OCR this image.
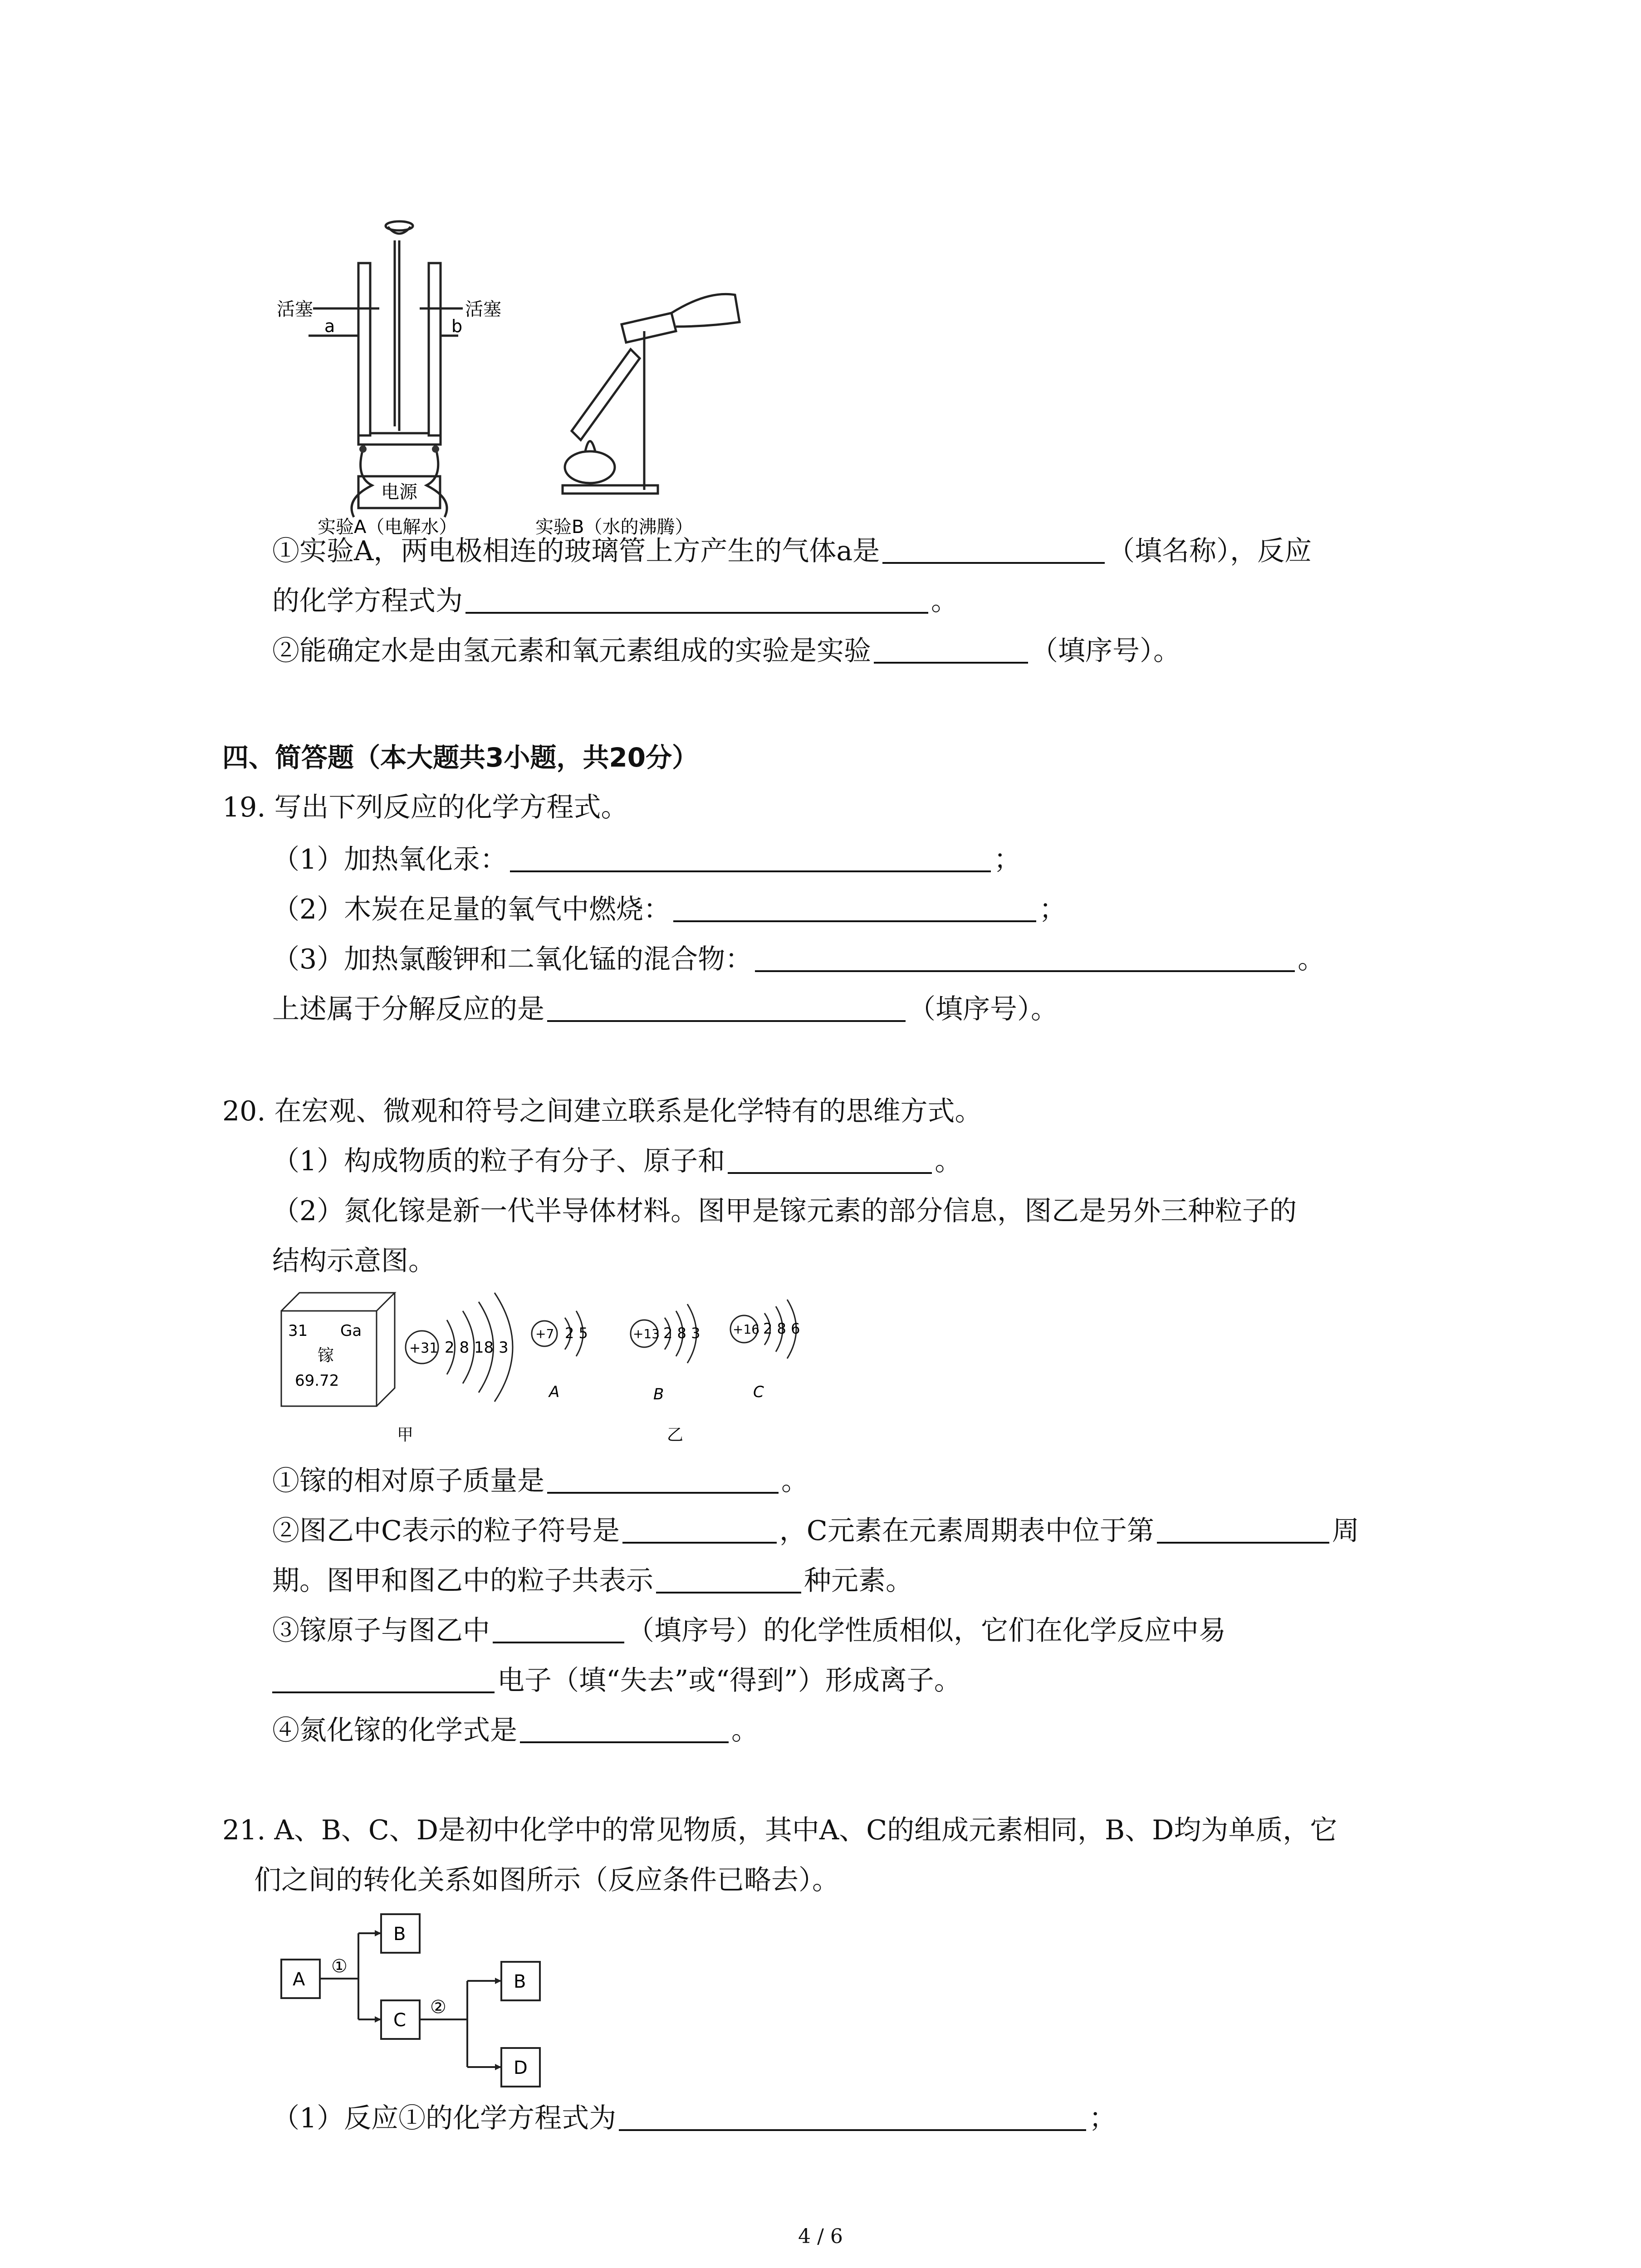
活塞	活塞
a	b
电源
实验A（电解水）	实验B（水的沸腾）
①实验A，两电极相连的玻璃管上方产生的气体a是	（填名称），反应
的化学方程式为	。
②能确定水是由氢元素和氧元素组成的实验是实验	（填序号）。
四、简答题（本大题共3小题，共20分）
19. 写出下列反应的化学方程式。
（1）加热氧化汞：	；
（2）木炭在足量的氧气中燃烧：	；
（3）加热氯酸钾和二氧化锰的混合物：	。
上述属于分解反应的是	（填序号）。
20. 在宏观、微观和符号之间建立联系是化学特有的思维方式。
（1）构成物质的粒子有分子、原子和	。
（2）氮化镓是新一代半导体材料。图甲是镓元素的部分信息，图乙是另外三种粒子的
结构示意图。
31 Ga
镓
69.72
+31 2 8 18 3
+7 2 5	+13 2 8 3	+16 2 8 6
A	B	C
甲	乙
①镓的相对原子质量是	。
②图乙中C表示的粒子符号是	，C元素在元素周期表中位于第	周
期。图甲和图乙中的粒子共表示	种元素。
③镓原子与图乙中	（填序号）的化学性质相似，它们在化学反应中易
电子（填“失去”或“得到”）形成离子。
④氮化镓的化学式是	。
21. A、B、C、D是初中化学中的常见物质，其中A、C的组成元素相同，B、D均为单质，它
们之间的转化关系如图所示（反应条件已略去）。
A
B
C
B
D
①
②
（1）反应①的化学方程式为	；
4 / 6
